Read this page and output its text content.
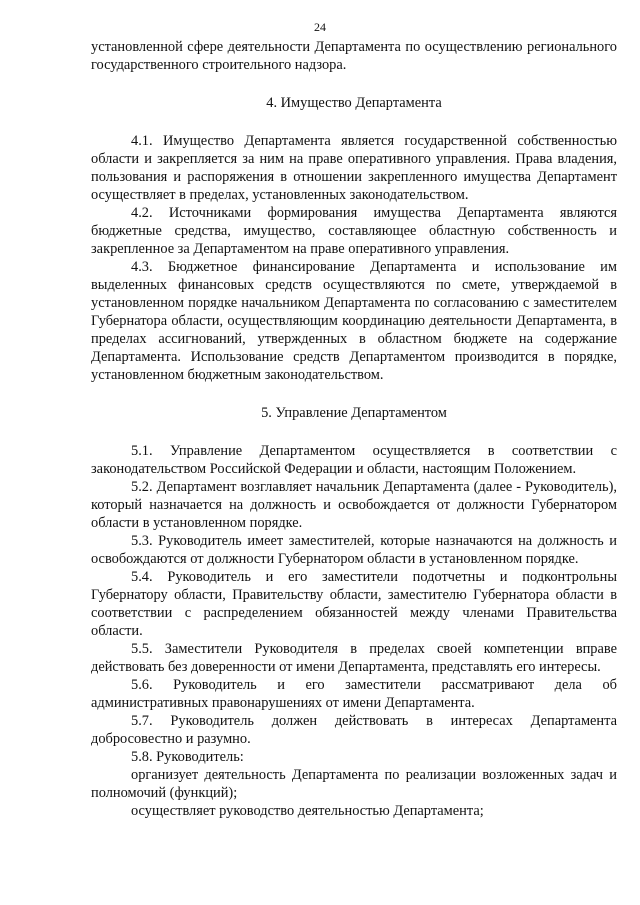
24

установленной сфере деятельности Департамента по осуществлению регионального государственного строительного надзора.

4. Имущество Департамента

4.1. Имущество Департамента является государственной собственностью области и закрепляется за ним на праве оперативного управления. Права владения, пользования и распоряжения в отношении закрепленного имущества Департамент осуществляет в пределах, установленных законодательством.

4.2. Источниками формирования имущества Департамента являются бюджетные средства, имущество, составляющее областную собственность и закрепленное за Департаментом на праве оперативного управления.

4.3. Бюджетное финансирование Департамента и использование им выделенных финансовых средств осуществляются по смете, утверждаемой в установленном порядке начальником Департамента по согласованию с заместителем Губернатора области, осуществляющим координацию деятельности Департамента, в пределах ассигнований, утвержденных в областном бюджете на содержание Департамента. Использование средств Департаментом производится в порядке, установленном бюджетным законодательством.

5. Управление Департаментом

5.1. Управление Департаментом осуществляется в соответствии с законодательством Российской Федерации и области, настоящим Положением.

5.2. Департамент возглавляет начальник Департамента (далее - Руководитель), который назначается на должность и освобождается от должности Губернатором области в установленном порядке.

5.3. Руководитель имеет заместителей, которые назначаются на должность и освобождаются от должности Губернатором области в установленном порядке.

5.4. Руководитель и его заместители подотчетны и подконтрольны Губернатору области, Правительству области, заместителю Губернатора области в соответствии с распределением обязанностей между членами Правительства области.

5.5. Заместители Руководителя в пределах своей компетенции вправе действовать без доверенности от имени Департамента, представлять его интересы.

5.6. Руководитель и его заместители рассматривают дела об административных правонарушениях от имени Департамента.

5.7. Руководитель должен действовать в интересах Департамента добросовестно и разумно.

5.8. Руководитель:

организует деятельность Департамента по реализации возложенных задач и полномочий (функций);

осуществляет руководство деятельностью Департамента;
